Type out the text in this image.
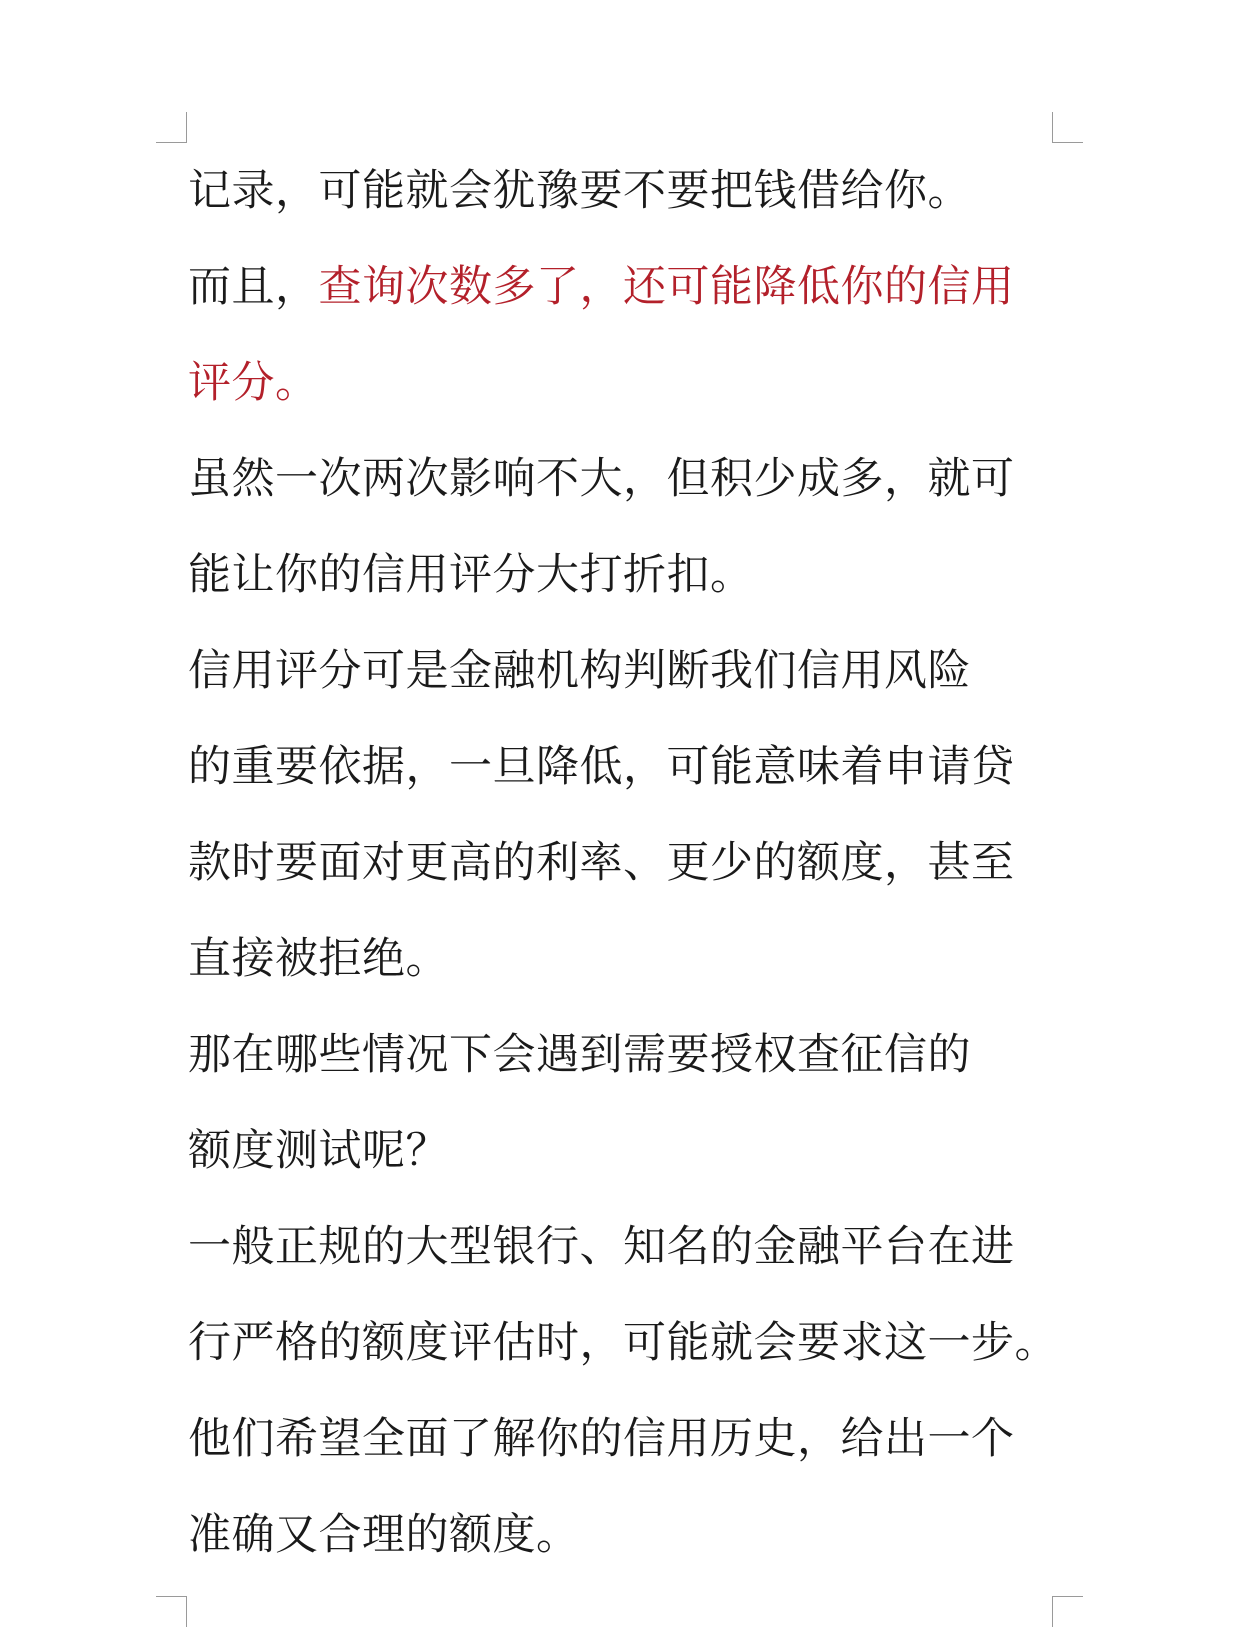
记录，可能就会犹豫要不要把钱借给你。
而且，查询次数多了，还可能降低你的信用
评分。
虽然一次两次影响不大，但积少成多，就可
能让你的信用评分大打折扣。
信用评分可是金融机构判断我们信用风险
的重要依据，一旦降低，可能意味着申请贷
款时要面对更高的利率、更少的额度，甚至
直接被拒绝。
那在哪些情况下会遇到需要授权查征信的
额度测试呢？
一般正规的大型银行、知名的金融平台在进
行严格的额度评估时，可能就会要求这一步。
他们希望全面了解你的信用历史，给出一个
准确又合理的额度。
